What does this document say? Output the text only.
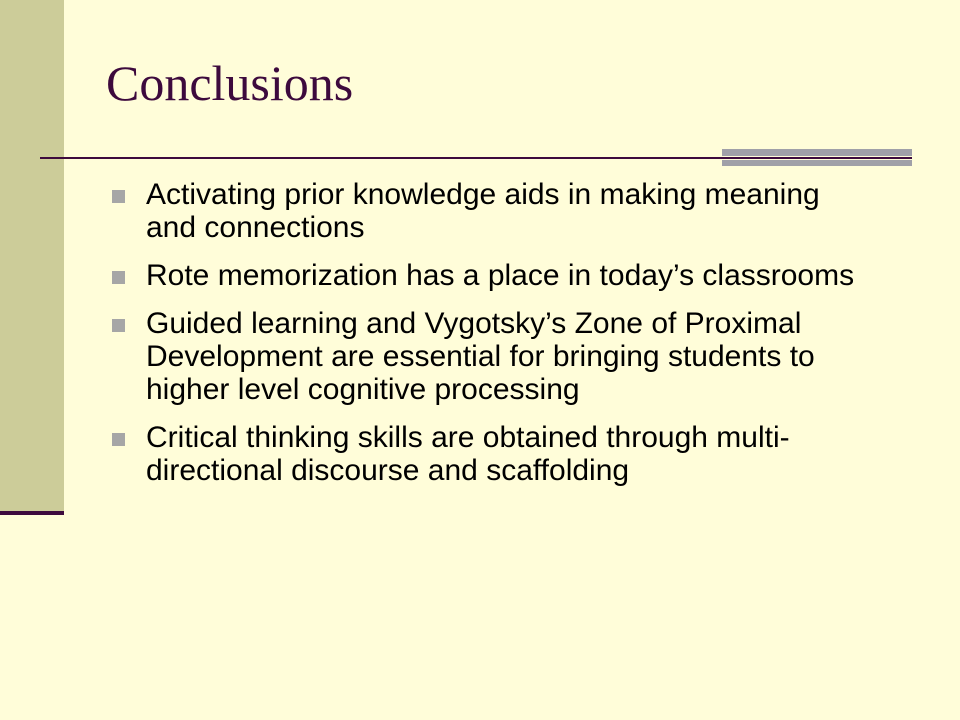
Conclusions
Activating prior knowledge aids in making meaning and connections
Rote memorization has a place in today’s classrooms
Guided learning and Vygotsky’s Zone of Proximal Development are essential for bringing students to higher level cognitive processing
Critical thinking skills are obtained through multi-directional discourse and scaffolding
